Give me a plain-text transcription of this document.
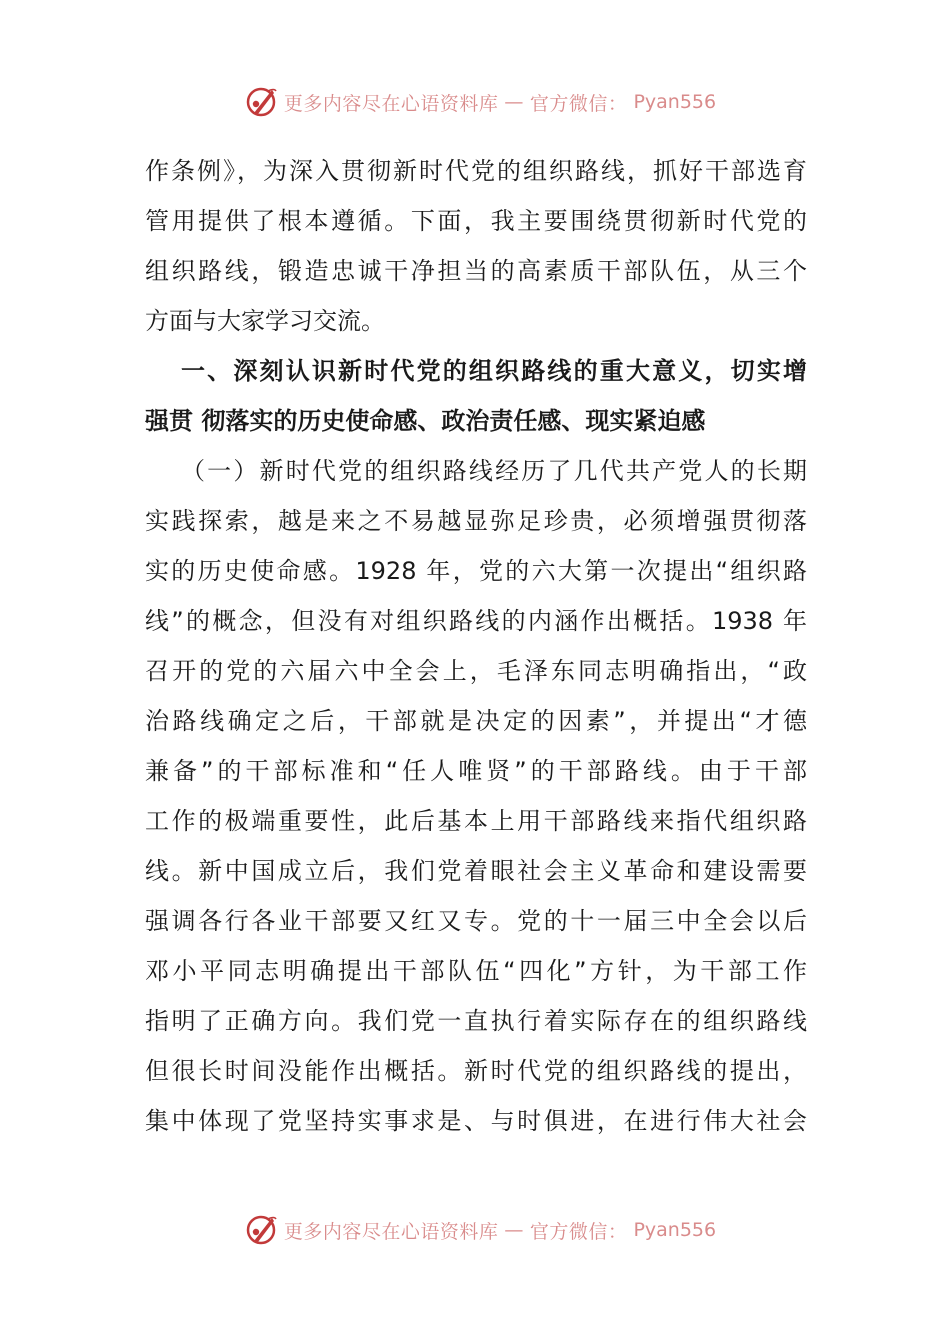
更多内容尽在心语资料库 — 官方微信： Pyan556
作条例》，为深入贯彻新时代党的组织路线，抓好干部选育
管用提供了根本遵循。下面，我主要围绕贯彻新时代党的
组织路线，锻造忠诚干净担当的高素质干部队伍，从三个
方面与大家学习交流。
一、深刻认识新时代党的组织路线的重大意义，切实增
强贯 彻落实的历史使命感、政治责任感、现实紧迫感
（一）新时代党的组织路线经历了几代共产党人的长期
实践探索，越是来之不易越显弥足珍贵，必须增强贯彻落
实的历史使命感。1928 年，党的六大第一次提出“组织路
线”的概念，但没有对组织路线的内涵作出概括。1938 年
召开的党的六届六中全会上，毛泽东同志明确指出，“政
治路线确定之后，干部就是决定的因素”，并提出“才德
兼备”的干部标准和“任人唯贤”的干部路线。由于干部
工作的极端重要性，此后基本上用干部路线来指代组织路
线。新中国成立后，我们党着眼社会主义革命和建设需要
强调各行各业干部要又红又专。党的十一届三中全会以后
邓小平同志明确提出干部队伍“四化”方针，为干部工作
指明了正确方向。我们党一直执行着实际存在的组织路线
但很长时间没能作出概括。新时代党的组织路线的提出，
集中体现了党坚持实事求是、与时俱进，在进行伟大社会
更多内容尽在心语资料库 — 官方微信： Pyan556
